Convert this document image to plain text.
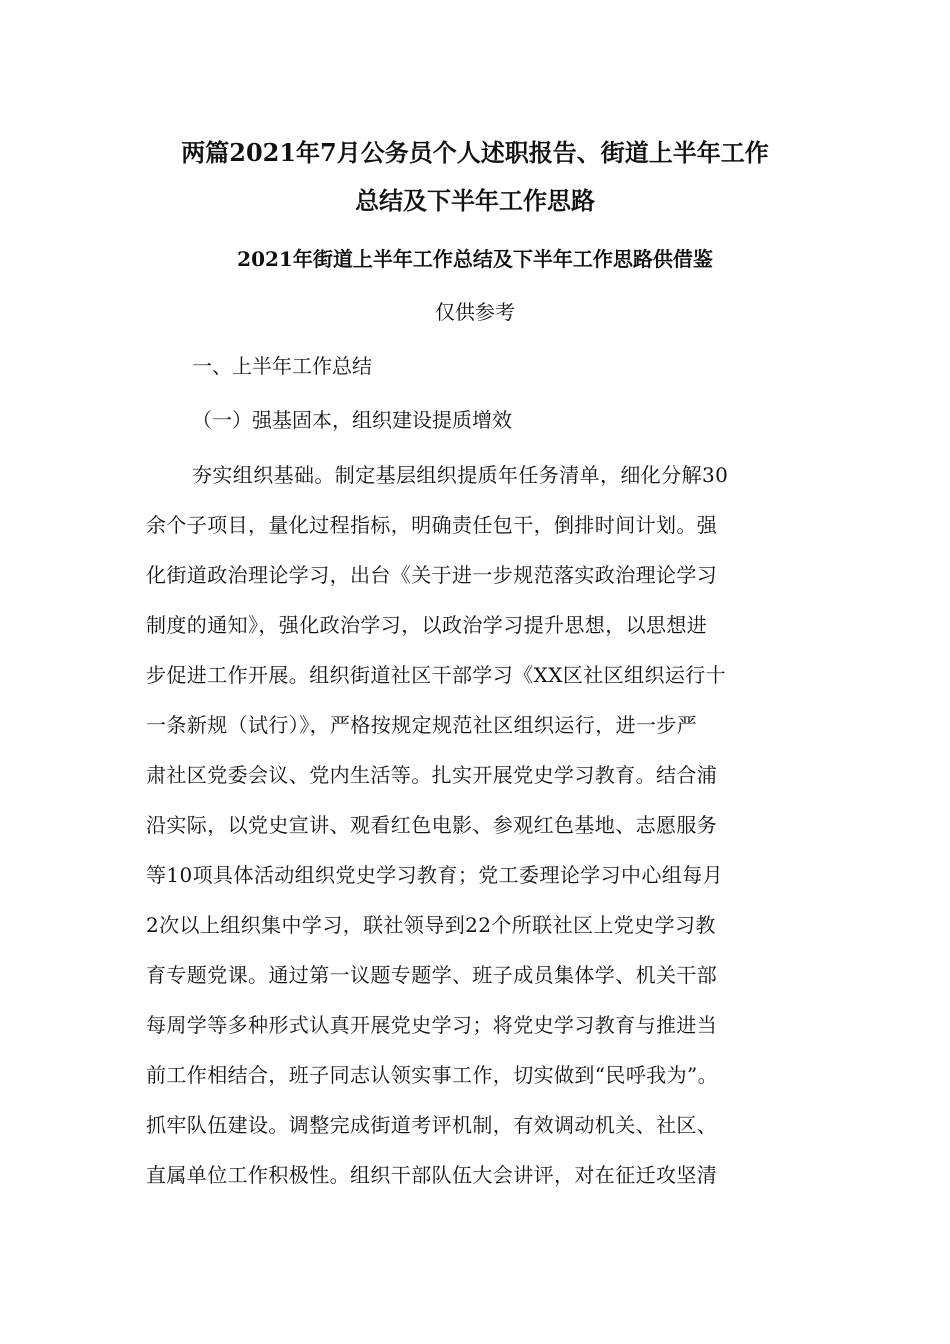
两篇2021年7月公务员个人述职报告、街道上半年工作
总结及下半年工作思路
2021年街道上半年工作总结及下半年工作思路供借鉴

仅供参考

一、上半年工作总结

（一）强基固本，组织建设提质增效

夯实组织基础。制定基层组织提质年任务清单，细化分解30
余个子项目，量化过程指标，明确责任包干，倒排时间计划。强
化街道政治理论学习，出台《关于进一步规范落实政治理论学习
制度的通知》，强化政治学习，以政治学习提升思想，以思想进
步促进工作开展。组织街道社区干部学习《XX区社区组织运行十
一条新规（试行）》，严格按规定规范社区组织运行，进一步严
肃社区党委会议、党内生活等。扎实开展党史学习教育。结合浦
沿实际，以党史宣讲、观看红色电影、参观红色基地、志愿服务
等10项具体活动组织党史学习教育；党工委理论学习中心组每月
2次以上组织集中学习，联社领导到22个所联社区上党史学习教
育专题党课。通过第一议题专题学、班子成员集体学、机关干部
每周学等多种形式认真开展党史学习；将党史学习教育与推进当
前工作相结合，班子同志认领实事工作，切实做到“民呼我为”。
抓牢队伍建设。调整完成街道考评机制，有效调动机关、社区、
直属单位工作积极性。组织干部队伍大会讲评，对在征迁攻坚清
